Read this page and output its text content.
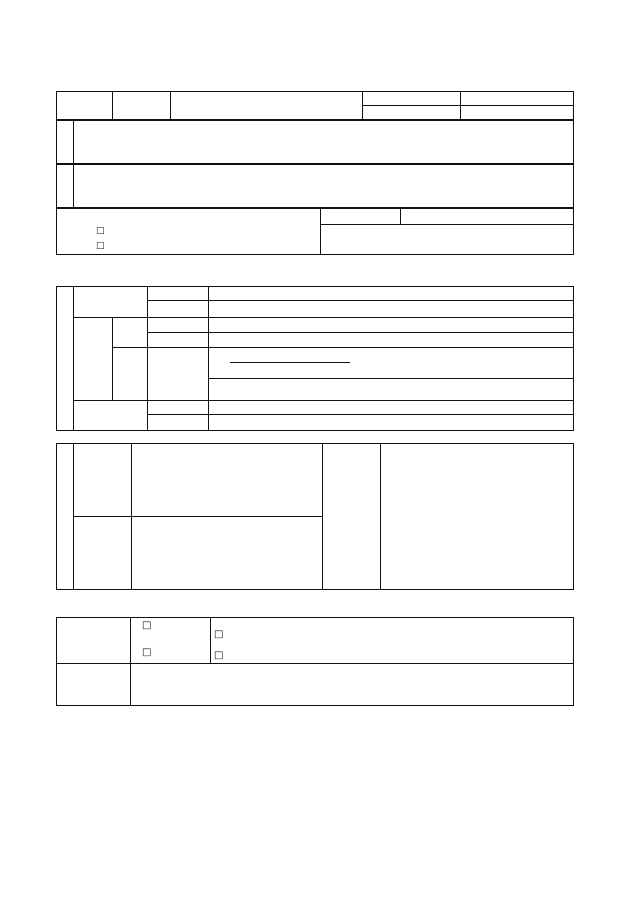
□
□
□
□
□
□
